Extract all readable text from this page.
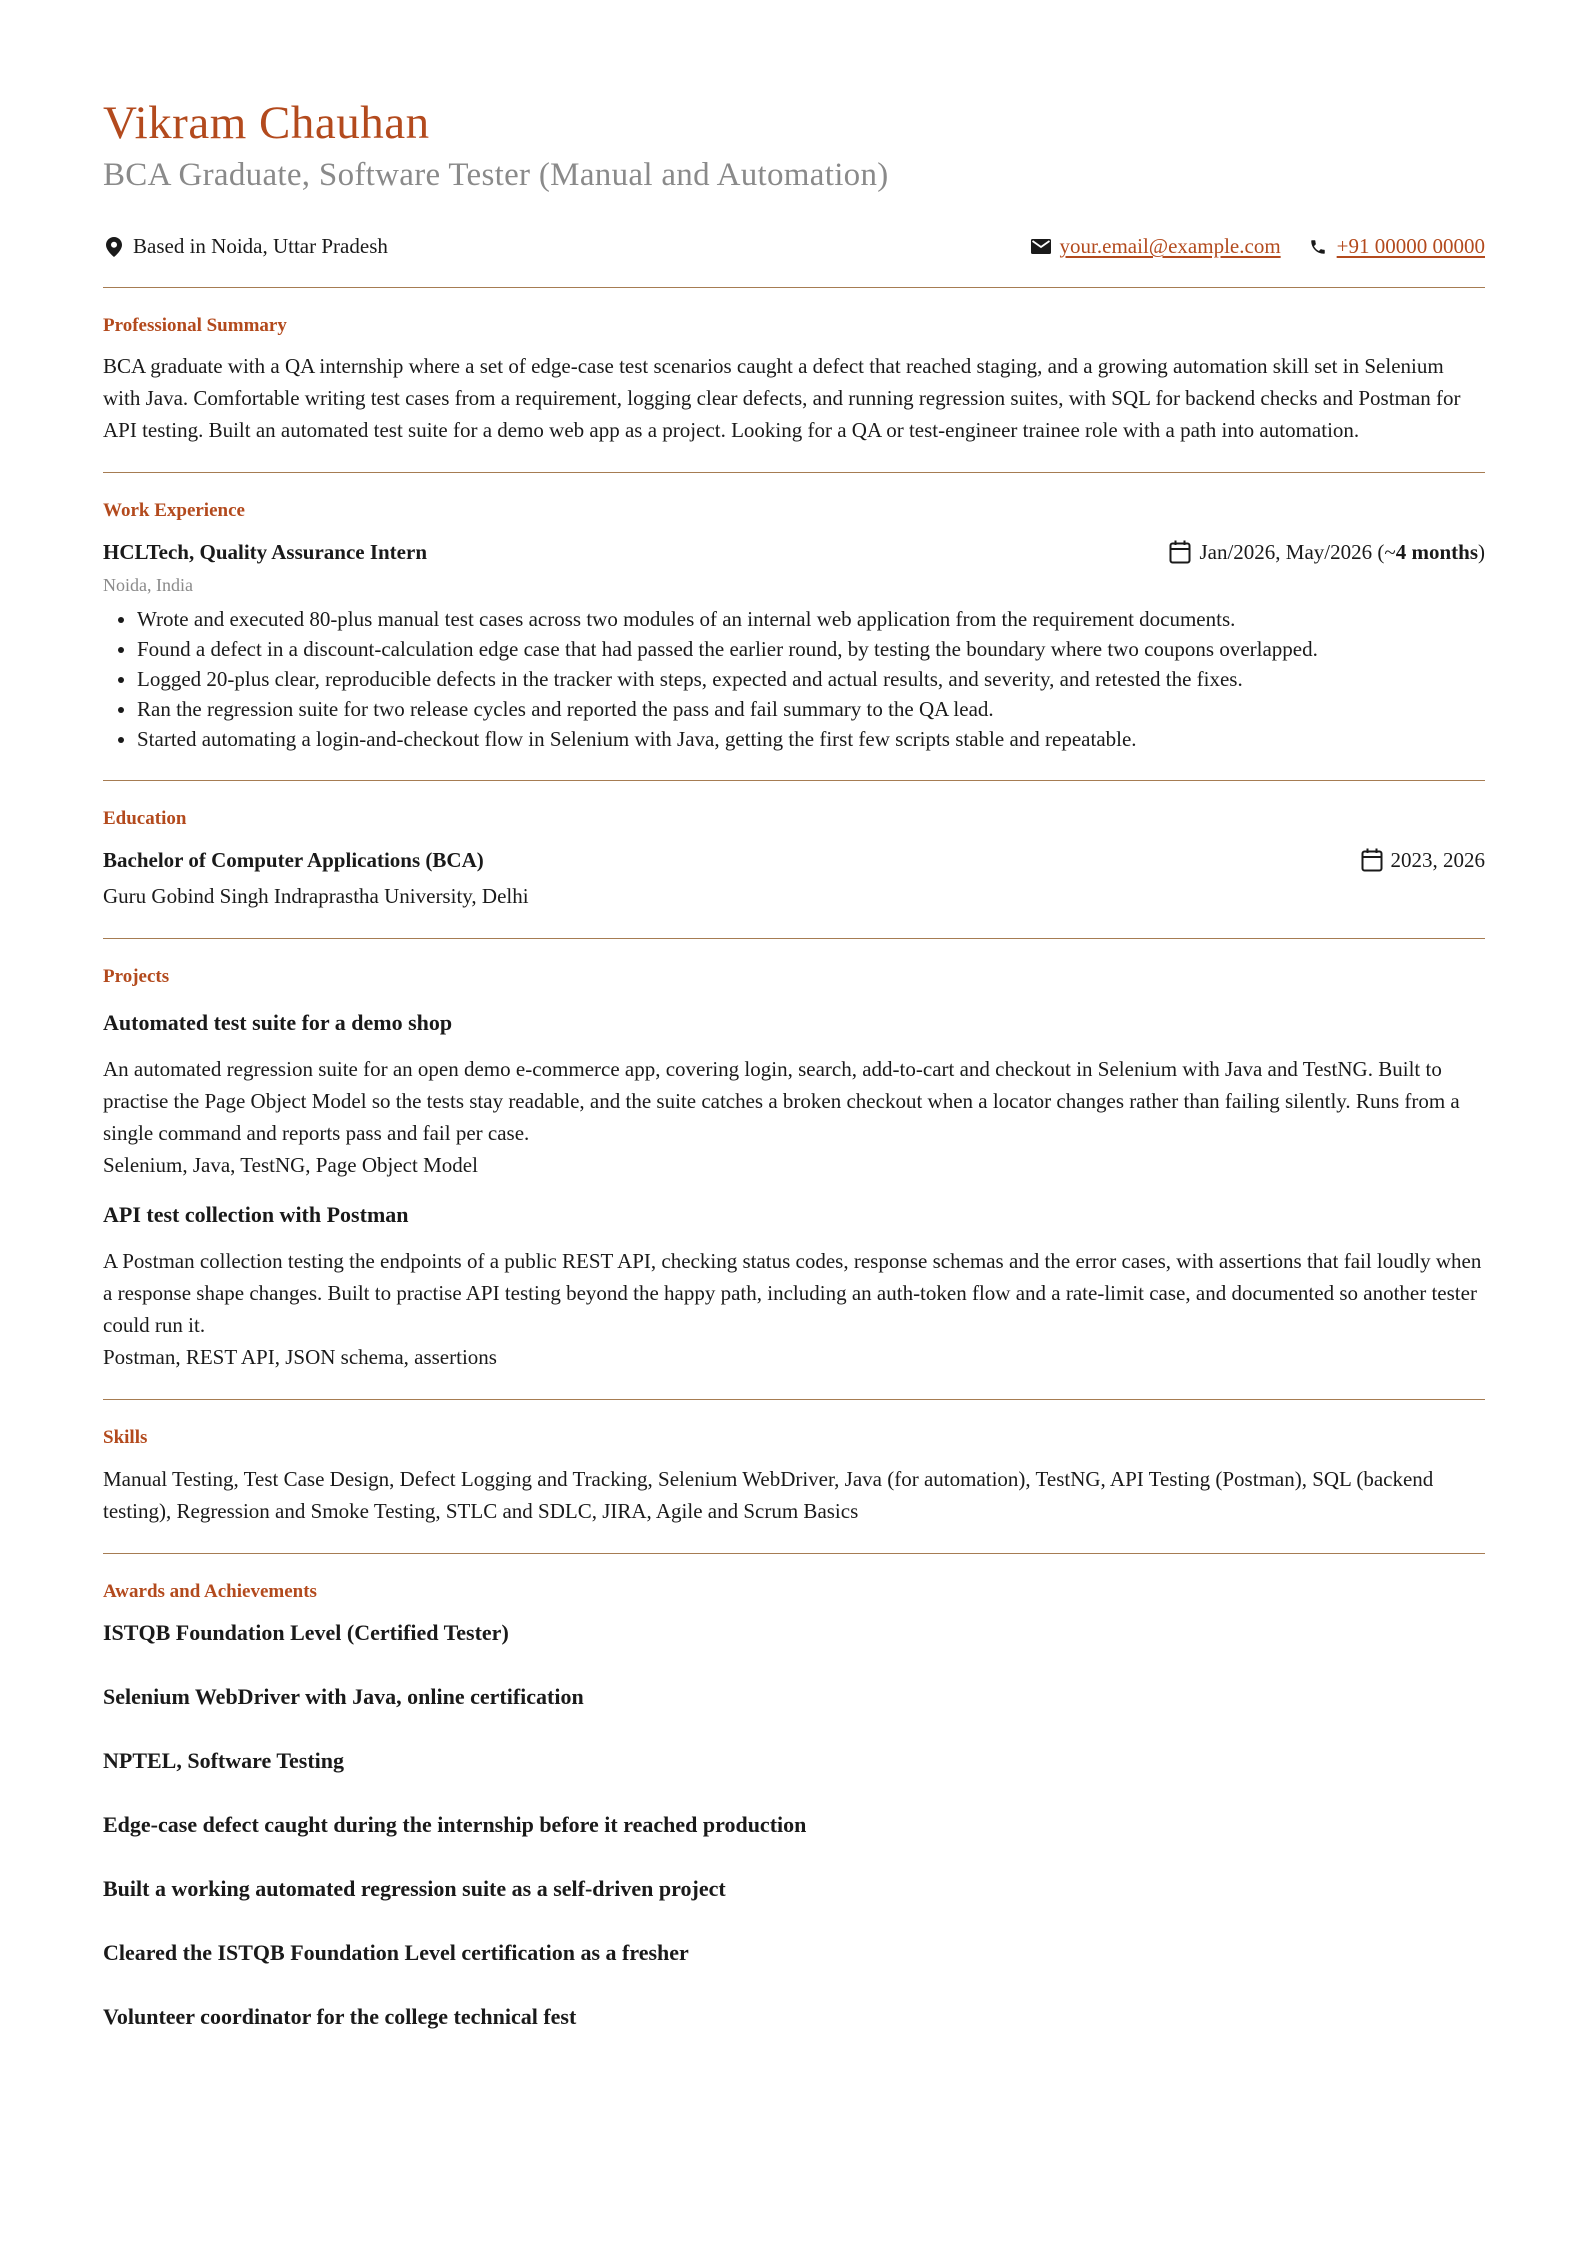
Vikram Chauhan
BCA Graduate, Software Tester (Manual and Automation)
Based in Noida, Uttar Pradesh	your.email@example.com	+91 00000 00000
Professional Summary

BCA graduate with a QA internship where a set of edge-case test scenarios caught a defect that reached staging, and a growing automation skill set in Selenium with Java. Comfortable writing test cases from a requirement, logging clear defects, and running regression suites, with SQL for backend checks and Postman for API testing. Built an automated test suite for a demo web app as a project. Looking for a QA or test-engineer trainee role with a path into automation.

Work Experience
HCLTech, Quality Assurance Intern	Jan/2026, May/2026 (~ 4 months )
Noida, India
• Wrote and executed 80-plus manual test cases across two modules of an internal web application from the requirement documents.
• Found a defect in a discount-calculation edge case that had passed the earlier round, by testing the boundary where two coupons overlapped.
• Logged 20-plus clear, reproducible defects in the tracker with steps, expected and actual results, and severity, and retested the fixes.
• Ran the regression suite for two release cycles and reported the pass and fail summary to the QA lead.
• Started automating a login-and-checkout flow in Selenium with Java, getting the first few scripts stable and repeatable.
Education
Bachelor of Computer Applications (BCA)	2023, 2026
Guru Gobind Singh Indraprastha University, Delhi
Projects
Automated test suite for a demo shop

An automated regression suite for an open demo e-commerce app, covering login, search, add-to-cart and checkout in Selenium with Java and TestNG. Built to practise the Page Object Model so the tests stay readable, and the suite catches a broken checkout when a locator changes rather than failing silently. Runs from a single command and reports pass and fail per case.

Selenium, Java, TestNG, Page Object Model

API test collection with Postman

A Postman collection testing the endpoints of a public REST API, checking status codes, response schemas and the error cases, with assertions that fail loudly when a response shape changes. Built to practise API testing beyond the happy path, including an auth-token flow and a rate-limit case, and documented so another tester could run it.

Postman, REST API, JSON schema, assertions

Skills

Manual Testing, Test Case Design, Defect Logging and Tracking, Selenium WebDriver, Java (for automation), TestNG, API Testing (Postman), SQL (backend testing), Regression and Smoke Testing, STLC and SDLC, JIRA, Agile and Scrum Basics

Awards and Achievements
ISTQB Foundation Level (Certified Tester)
Selenium WebDriver with Java, online certification
NPTEL, Software Testing
Edge-case defect caught during the internship before it reached production
Built a working automated regression suite as a self-driven project
Cleared the ISTQB Foundation Level certification as a fresher
Volunteer coordinator for the college technical fest
